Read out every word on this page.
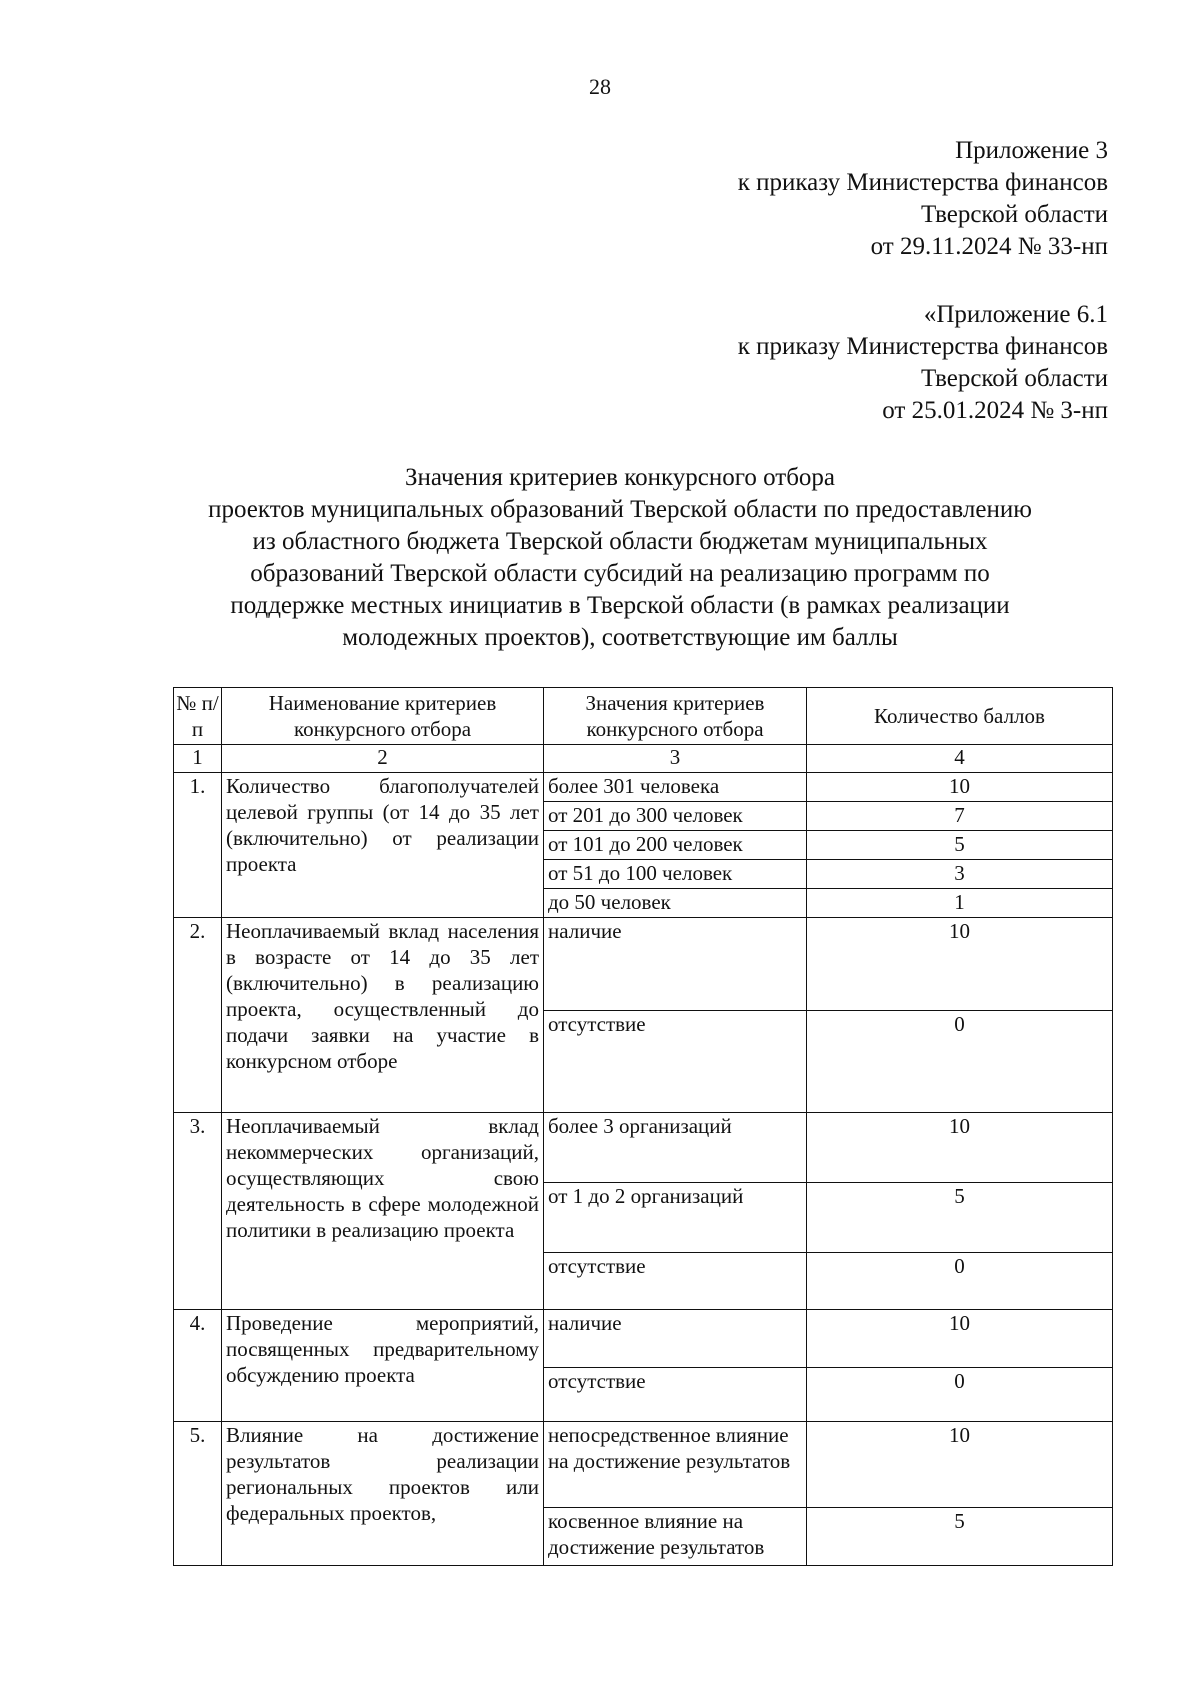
28
Приложение 3
к приказу Министерства финансов
Тверской области
от 29.11.2024 № 33-нп
«Приложение 6.1
к приказу Министерства финансов
Тверской области
от 25.01.2024 № 3-нп
Значения критериев конкурсного отбора
проектов муниципальных образований Тверской области по предоставлению
из областного бюджета Тверской области бюджетам муниципальных
образований Тверской области субсидий на реализацию программ по
поддержке местных инициатив в Тверской области (в рамках реализации
молодежных проектов), соответствующие им баллы
№ п/п	Наименование критериев конкурсного отбора	Значения критериев конкурсного отбора	Количество баллов
1	2	3	4
1.	Количество благополучателей целевой группы (от 14 до 35 лет (включительно) от реализации проекта	более 301 человека	10
		от 201 до 300 человек	7
		от 101 до 200 человек	5
		от 51 до 100 человек	3
		до 50 человек	1
2.	Неоплачиваемый вклад населения в возрасте от 14 до 35 лет (включительно) в реализацию проекта, осуществленный до подачи заявки на участие в конкурсном отборе	наличие	10
		отсутствие	0
3.	Неоплачиваемый вклад некоммерческих организаций, осуществляющих свою деятельность в сфере молодежной политики в реализацию проекта	более 3 организаций	10
		от 1 до 2 организаций	5
		отсутствие	0
4.	Проведение мероприятий, посвященных предварительному обсуждению проекта	наличие	10
		отсутствие	0
5.	Влияние на достижение результатов реализации региональных проектов или федеральных проектов,	непосредственное влияние на достижение результатов	10
		косвенное влияние на достижение результатов	5
